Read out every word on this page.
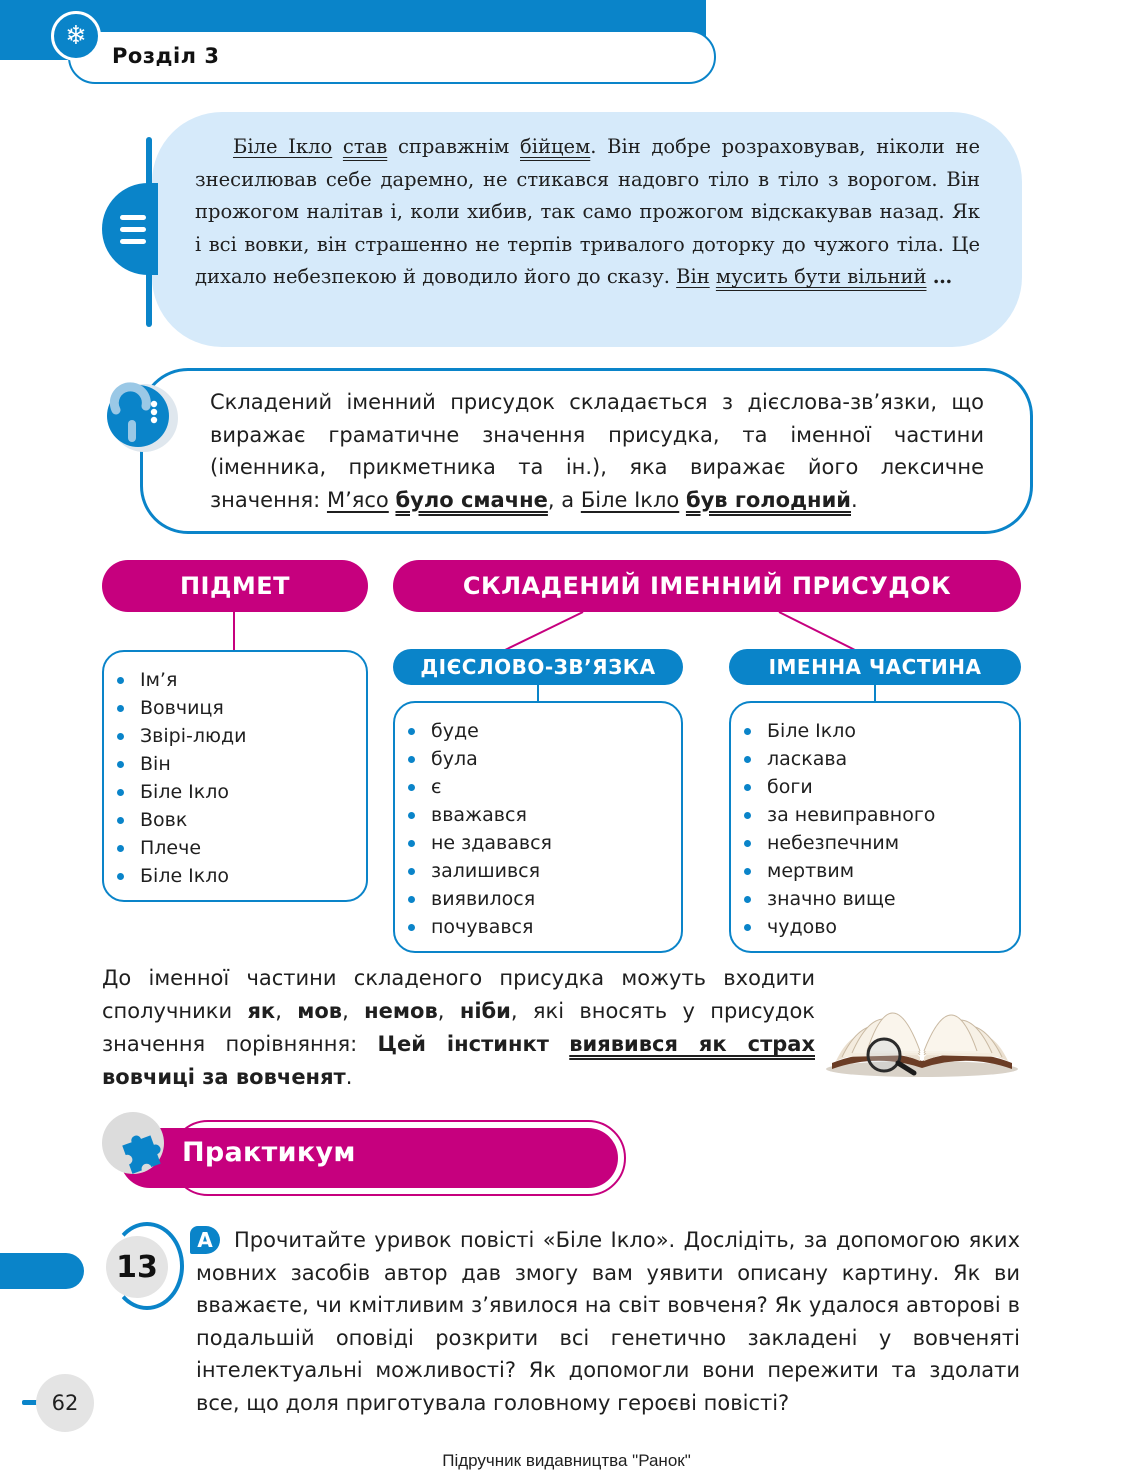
❄
Розділ 3

Біле Ікло став справжнім бійцем. Він добре розраховував, ніколи не знесилював себе даремно, не стикався надовго тіло в тіло з ворогом. Він прожогом налітав і, коли хибив, так само прожогом відскакував назад. Як і всі вовки, він страшенно не терпів тривалого доторку до чужого тіла. Це дихало небезпекою й доводило його до сказу. Він мусить бути вільний …

Складений іменний присудок складається з дієслова-зв’язки, що виражає граматичне значення присудка, та іменної частини (іменника, прикметника та ін.), яка виражає його лексичне значення: М’ясо було смачне, а Біле Ікло був голодний.

ПІДМЕТ	СКЛАДЕНИЙ ІМЕННИЙ ПРИСУДОК
ДІЄСЛОВО-ЗВ’ЯЗКА	ІМЕННА ЧАСТИНА
Ім’я
Вовчиця
Звірі-люди
Він
Біле Ікло
Вовк
Плече
Біле Ікло
буде
була
є
вважався
не здавався
залишився
виявилося
почувався
Біле Ікло
ласкава
боги
за невиправного
небезпечним
мертвим
значно вище
чудово

До іменної частини складеного присудка можуть входити сполучники як, мов, немов, ніби, які вносять у присудок значення порівняння: Цей інстинкт виявився як страх вовчиці за вовченят.

Практикум
13

Прочитайте уривок повісті «Біле Ікло». Дослідіть, за допомогою яких мовних засобів автор дав змогу вам уявити описану картину. Як ви вважаєте, чи кмітливим з’явилося на світ вовченя? Як удалося авторові в подальшій оповіді розкрити всі генетично закладені у вовченяті інтелектуальні можливості? Як допомогли вони пережити та здолати все, що доля приготувала головному героєві повісті?

А
62
Підручник видавництва "Ранок"
